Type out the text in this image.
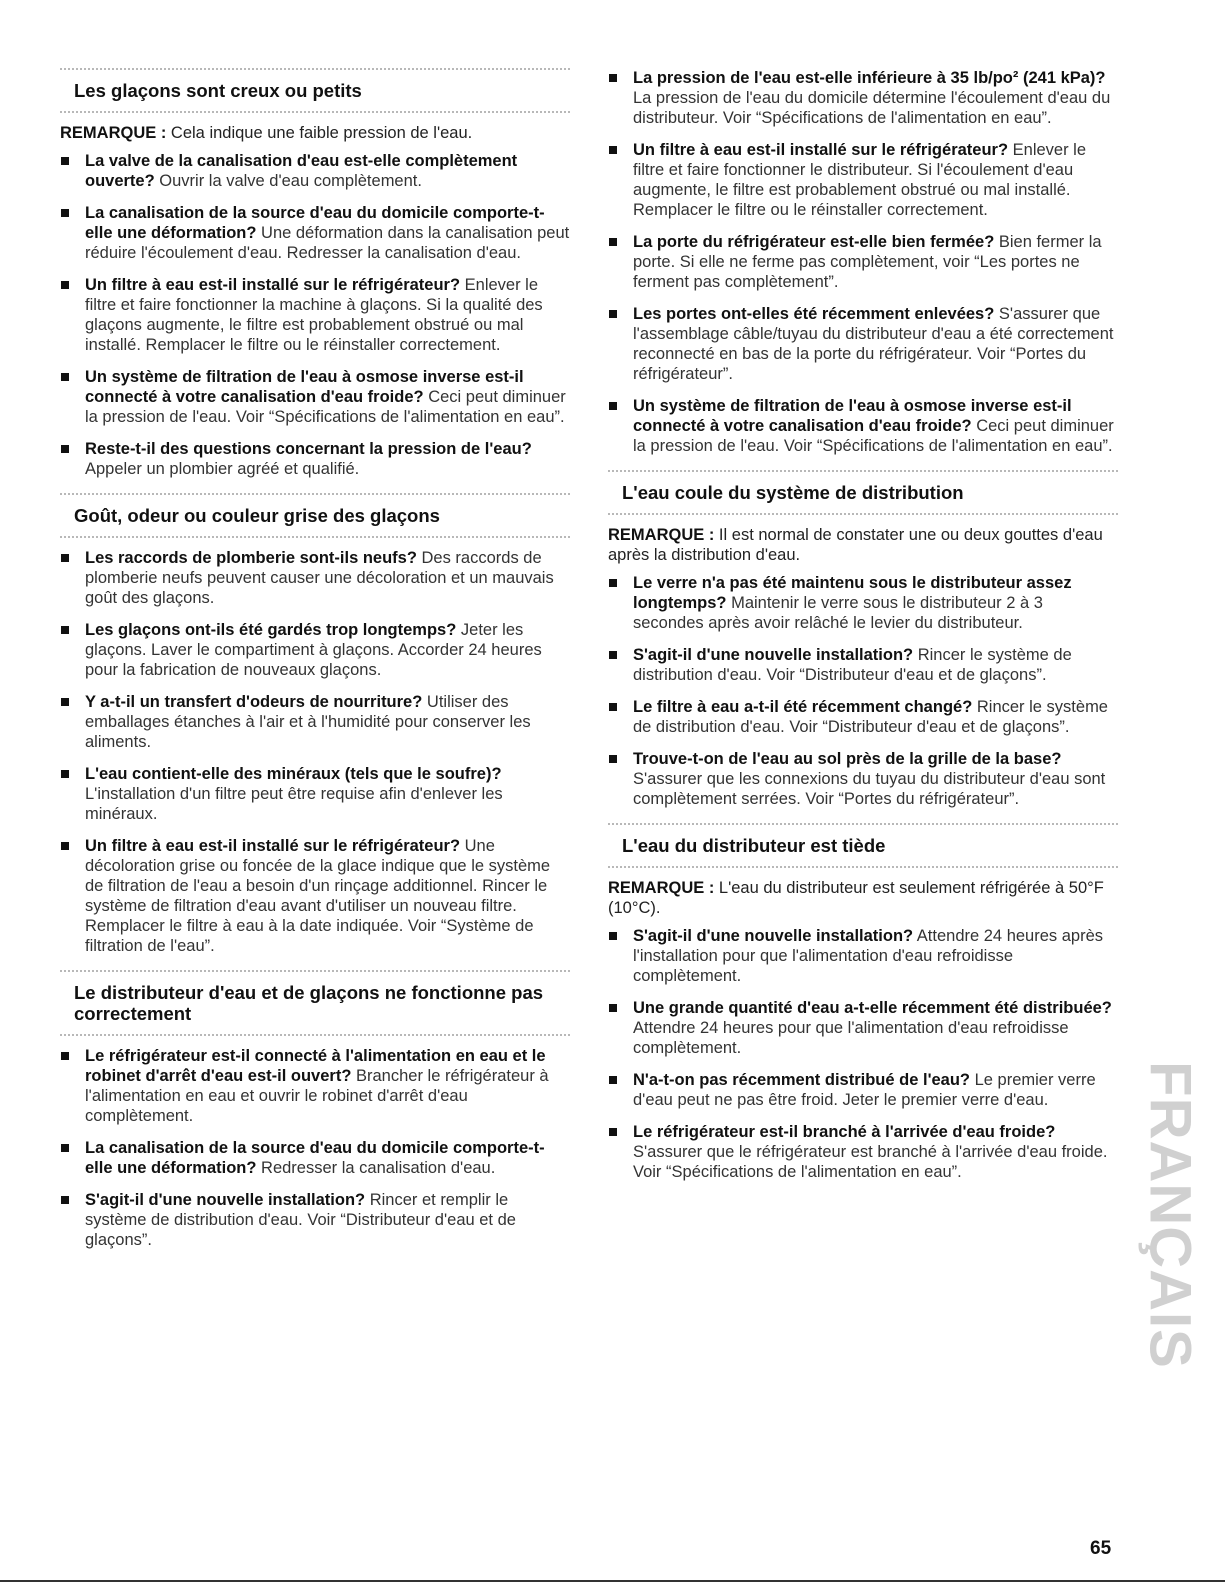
Les glaçons sont creux ou petits

REMARQUE : Cela indique une faible pression de l'eau.

La valve de la canalisation d'eau est-elle complètement ouverte? Ouvrir la valve d'eau complètement.
La canalisation de la source d'eau du domicile comporte-t-elle une déformation? Une déformation dans la canalisation peut réduire l'écoulement d'eau. Redresser la canalisation d'eau.
Un filtre à eau est-il installé sur le réfrigérateur? Enlever le filtre et faire fonctionner la machine à glaçons. Si la qualité des glaçons augmente, le filtre est probablement obstrué ou mal installé. Remplacer le filtre ou le réinstaller correctement.
Un système de filtration de l'eau à osmose inverse est-il connecté à votre canalisation d'eau froide? Ceci peut diminuer la pression de l'eau. Voir “Spécifications de l'alimentation en eau”.
Reste-t-il des questions concernant la pression de l'eau? Appeler un plombier agréé et qualifié.
Goût, odeur ou couleur grise des glaçons
Les raccords de plomberie sont-ils neufs? Des raccords de plomberie neufs peuvent causer une décoloration et un mauvais goût des glaçons.
Les glaçons ont-ils été gardés trop longtemps? Jeter les glaçons. Laver le compartiment à glaçons. Accorder 24 heures pour la fabrication de nouveaux glaçons.
Y a-t-il un transfert d'odeurs de nourriture? Utiliser des emballages étanches à l'air et à l'humidité pour conserver les aliments.
L'eau contient-elle des minéraux (tels que le soufre)? L'installation d'un filtre peut être requise afin d'enlever les minéraux.
Un filtre à eau est-il installé sur le réfrigérateur? Une décoloration grise ou foncée de la glace indique que le système de filtration de l'eau a besoin d'un rinçage additionnel. Rincer le système de filtration d'eau avant d'utiliser un nouveau filtre. Remplacer le filtre à eau à la date indiquée. Voir “Système de filtration de l'eau”.
Le distributeur d'eau et de glaçons ne fonctionne pas correctement
Le réfrigérateur est-il connecté à l'alimentation en eau et le robinet d'arrêt d'eau est-il ouvert? Brancher le réfrigérateur à l'alimentation en eau et ouvrir le robinet d'arrêt d'eau complètement.
La canalisation de la source d'eau du domicile comporte-t-elle une déformation? Redresser la canalisation d'eau.
S'agit-il d'une nouvelle installation? Rincer et remplir le système de distribution d'eau. Voir “Distributeur d'eau et de glaçons”.
La pression de l'eau est-elle inférieure à 35 lb/po² (241 kPa)? La pression de l'eau du domicile détermine l'écoulement d'eau du distributeur. Voir “Spécifications de l'alimentation en eau”.
Un filtre à eau est-il installé sur le réfrigérateur? Enlever le filtre et faire fonctionner le distributeur. Si l'écoulement d'eau augmente, le filtre est probablement obstrué ou mal installé. Remplacer le filtre ou le réinstaller correctement.
La porte du réfrigérateur est-elle bien fermée? Bien fermer la porte. Si elle ne ferme pas complètement, voir “Les portes ne ferment pas complètement”.
Les portes ont-elles été récemment enlevées? S'assurer que l'assemblage câble/tuyau du distributeur d'eau a été correctement reconnecté en bas de la porte du réfrigérateur. Voir “Portes du réfrigérateur”.
Un système de filtration de l'eau à osmose inverse est-il connecté à votre canalisation d'eau froide? Ceci peut diminuer la pression de l'eau. Voir “Spécifications de l'alimentation en eau”.
L'eau coule du système de distribution

REMARQUE : Il est normal de constater une ou deux gouttes d'eau après la distribution d'eau.

Le verre n'a pas été maintenu sous le distributeur assez longtemps? Maintenir le verre sous le distributeur 2 à 3 secondes après avoir relâché le levier du distributeur.
S'agit-il d'une nouvelle installation? Rincer le système de distribution d'eau. Voir “Distributeur d'eau et de glaçons”.
Le filtre à eau a-t-il été récemment changé? Rincer le système de distribution d'eau. Voir “Distributeur d'eau et de glaçons”.
Trouve-t-on de l'eau au sol près de la grille de la base? S'assurer que les connexions du tuyau du distributeur d'eau sont complètement serrées. Voir “Portes du réfrigérateur”.
L'eau du distributeur est tiède

REMARQUE : L'eau du distributeur est seulement réfrigérée à 50°F (10°C).

S'agit-il d'une nouvelle installation? Attendre 24 heures après l'installation pour que l'alimentation d'eau refroidisse complètement.
Une grande quantité d'eau a-t-elle récemment été distribuée? Attendre 24 heures pour que l'alimentation d'eau refroidisse complètement.
N'a-t-on pas récemment distribué de l'eau? Le premier verre d'eau peut ne pas être froid. Jeter le premier verre d'eau.
Le réfrigérateur est-il branché à l'arrivée d'eau froide? S'assurer que le réfrigérateur est branché à l'arrivée d'eau froide. Voir “Spécifications de l'alimentation en eau”.	FRANÇAIS
65
